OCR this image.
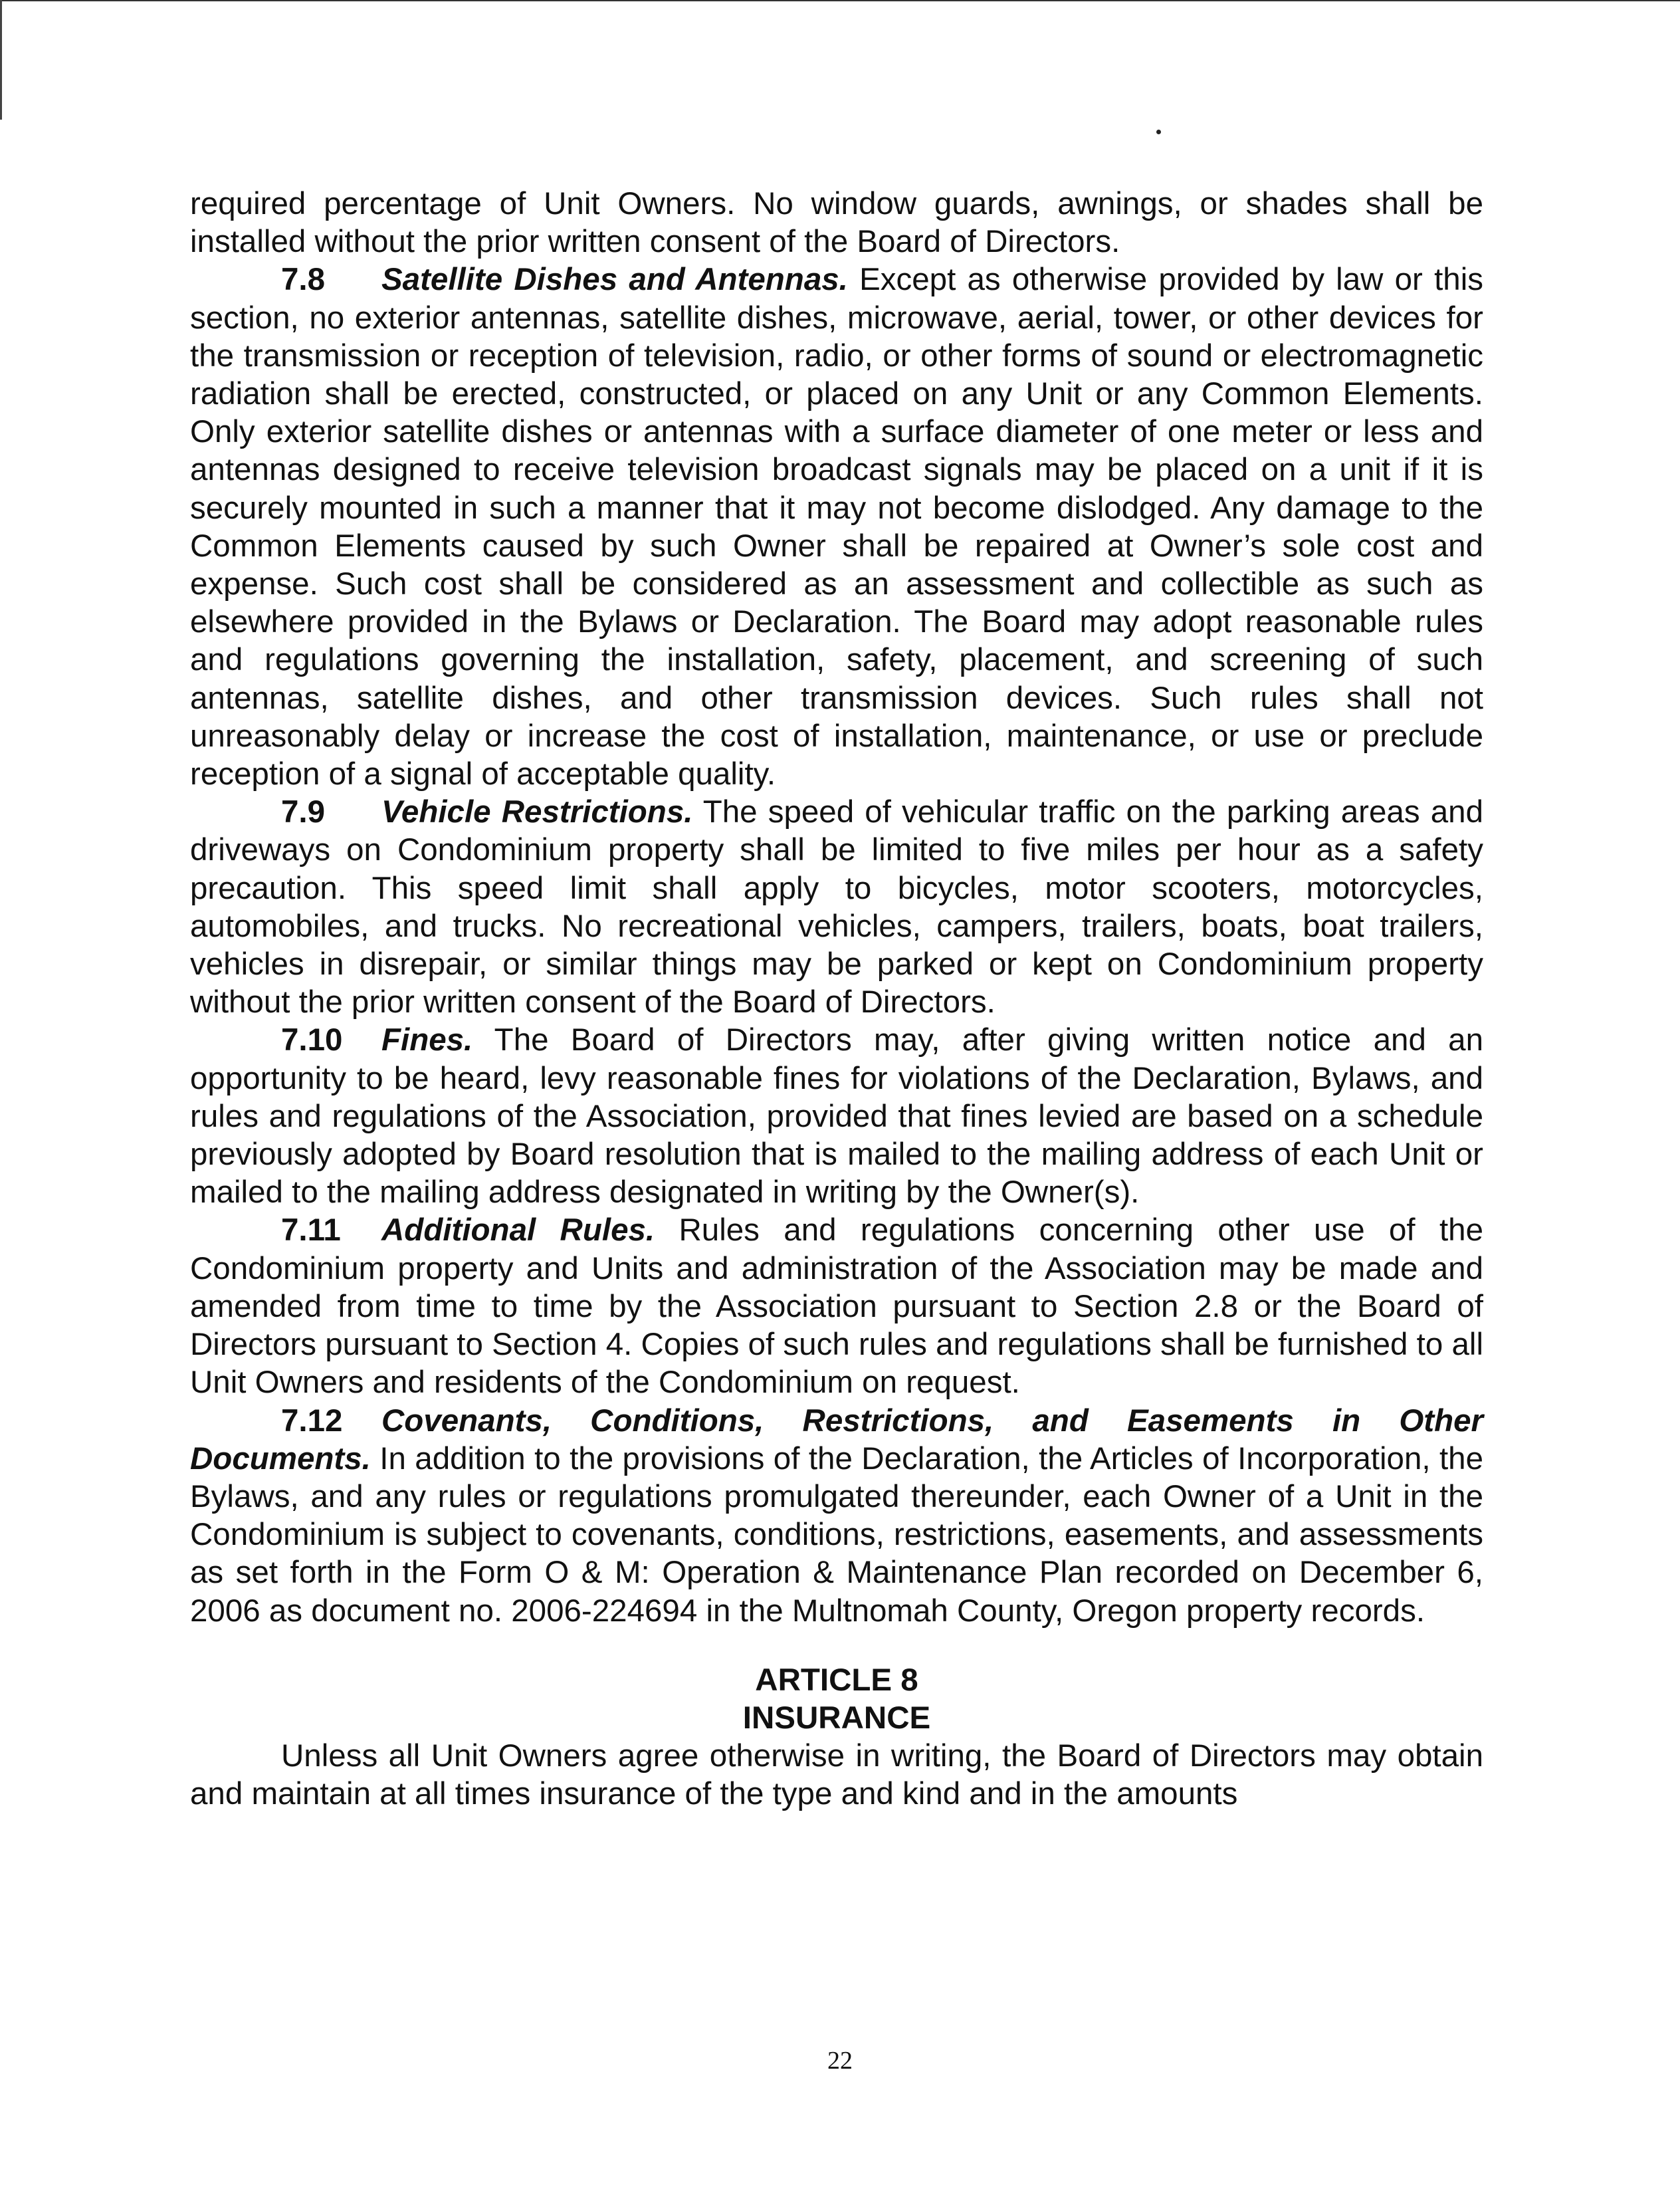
required percentage of Unit Owners. No window guards, awnings, or shades shall be installed without the prior written consent of the Board of Directors.

7.8 Satellite Dishes and Antennas. Except as otherwise provided by law or this section, no exterior antennas, satellite dishes, microwave, aerial, tower, or other devices for the transmission or reception of television, radio, or other forms of sound or electromagnetic radiation shall be erected, constructed, or placed on any Unit or any Common Elements. Only exterior satellite dishes or antennas with a surface diameter of one meter or less and antennas designed to receive television broadcast signals may be placed on a unit if it is securely mounted in such a manner that it may not become dislodged. Any damage to the Common Elements caused by such Owner shall be repaired at Owner’s sole cost and expense. Such cost shall be considered as an assessment and collectible as such as elsewhere provided in the Bylaws or Declaration. The Board may adopt reasonable rules and regulations governing the installation, safety, placement, and screening of such antennas, satellite dishes, and other transmission devices. Such rules shall not unreasonably delay or increase the cost of installation, maintenance, or use or preclude reception of a signal of acceptable quality.

7.9 Vehicle Restrictions. The speed of vehicular traffic on the parking areas and driveways on Condominium property shall be limited to five miles per hour as a safety precaution. This speed limit shall apply to bicycles, motor scooters, motorcycles, automobiles, and trucks. No recreational vehicles, campers, trailers, boats, boat trailers, vehicles in disrepair, or similar things may be parked or kept on Condominium property without the prior written consent of the Board of Directors.

7.10 Fines. The Board of Directors may, after giving written notice and an opportunity to be heard, levy reasonable fines for violations of the Declaration, Bylaws, and rules and regulations of the Association, provided that fines levied are based on a schedule previously adopted by Board resolution that is mailed to the mailing address of each Unit or mailed to the mailing address designated in writing by the Owner(s).

7.11 Additional Rules. Rules and regulations concerning other use of the Condominium property and Units and administration of the Association may be made and amended from time to time by the Association pursuant to Section 2.8 or the Board of Directors pursuant to Section 4. Copies of such rules and regulations shall be furnished to all Unit Owners and residents of the Condominium on request.

7.12 Covenants, Conditions, Restrictions, and Easements in Other Documents. In addition to the provisions of the Declaration, the Articles of Incorporation, the Bylaws, and any rules or regulations promulgated thereunder, each Owner of a Unit in the Condominium is subject to covenants, conditions, restrictions, easements, and assessments as set forth in the Form O & M: Operation & Maintenance Plan recorded on December 6, 2006 as document no. 2006-224694 in the Multnomah County, Oregon property records.

ARTICLE 8
INSURANCE

Unless all Unit Owners agree otherwise in writing, the Board of Directors may obtain and maintain at all times insurance of the type and kind and in the amounts

22
